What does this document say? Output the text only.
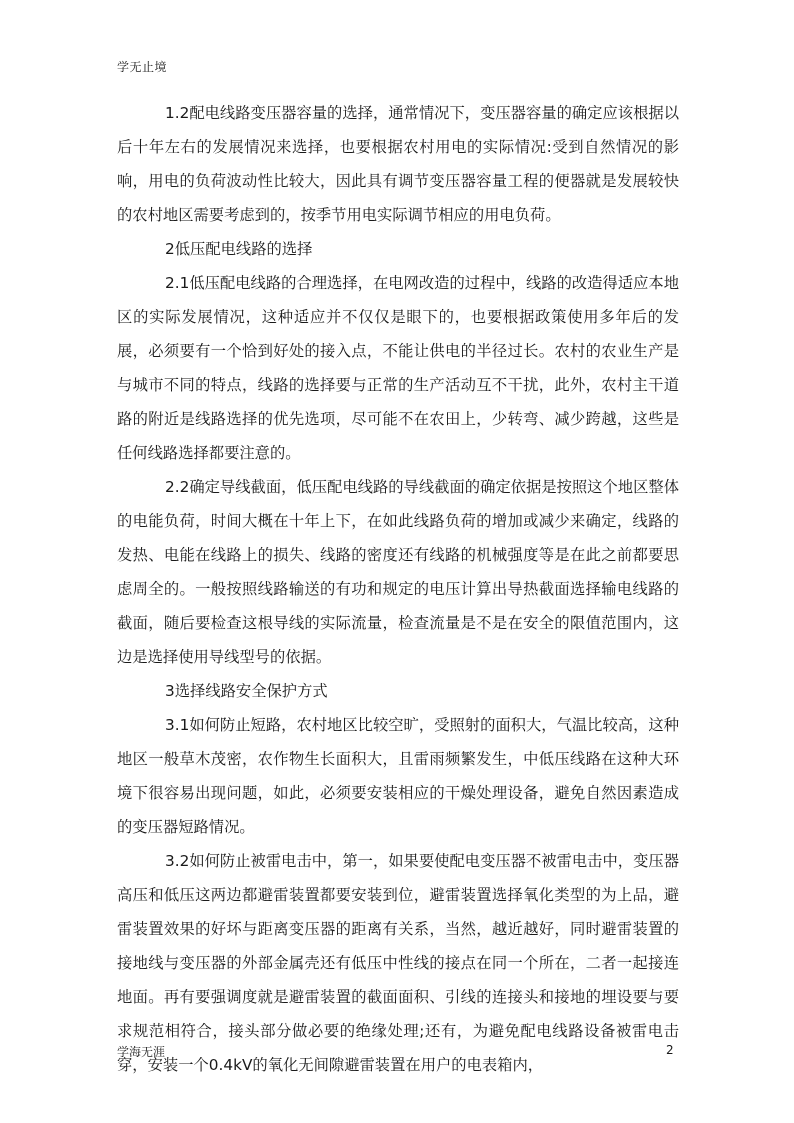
学无止境

1.2配电线路变压器容量的选择，通常情况下，变压器容量的确定应该根据以后十年左右的发展情况来选择，也要根据农村用电的实际情况:受到自然情况的影响，用电的负荷波动性比较大，因此具有调节变压器容量工程的便器就是发展较快的农村地区需要考虑到的，按季节用电实际调节相应的用电负荷。

2低压配电线路的选择

2.1低压配电线路的合理选择，在电网改造的过程中，线路的改造得适应本地区的实际发展情况，这种适应并不仅仅是眼下的，也要根据政策使用多年后的发展，必须要有一个恰到好处的接入点，不能让供电的半径过长。农村的农业生产是与城市不同的特点，线路的选择要与正常的生产活动互不干扰，此外，农村主干道路的附近是线路选择的优先选项，尽可能不在农田上，少转弯、减少跨越，这些是任何线路选择都要注意的。

2.2确定导线截面，低压配电线路的导线截面的确定依据是按照这个地区整体的电能负荷，时间大概在十年上下，在如此线路负荷的增加或减少来确定，线路的发热、电能在线路上的损失、线路的密度还有线路的机械强度等是在此之前都要思虑周全的。一般按照线路输送的有功和规定的电压计算出导热截面选择输电线路的截面，随后要检查这根导线的实际流量，检查流量是不是在安全的限值范围内，这边是选择使用导线型号的依据。

3选择线路安全保护方式

3.1如何防止短路，农村地区比较空旷，受照射的面积大，气温比较高，这种地区一般草木茂密，农作物生长面积大，且雷雨频繁发生，中低压线路在这种大环境下很容易出现问题，如此，必须要安装相应的干燥处理设备，避免自然因素造成的变压器短路情况。

3.2如何防止被雷电击中，第一，如果要使配电变压器不被雷电击中，变压器高压和低压这两边都避雷装置都要安装到位，避雷装置选择氧化类型的为上品，避雷装置效果的好坏与距离变压器的距离有关系，当然，越近越好，同时避雷装置的接地线与变压器的外部金属壳还有低压中性线的接点在同一个所在，二者一起接连地面。再有要强调度就是避雷装置的截面面积、引线的连接头和接地的埋设要与要求规范相符合，接头部分做必要的绝缘处理;还有，为避免配电线路设备被雷电击穿，安装一个0.4kV的氧化无间隙避雷装置在用户的电表箱内，

学海无涯	2
